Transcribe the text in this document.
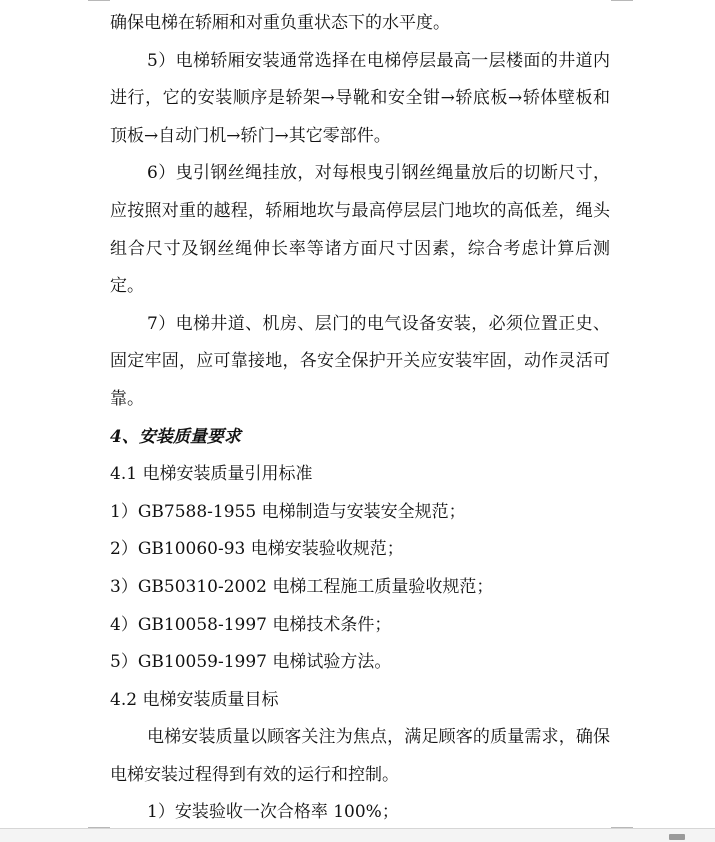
确保电梯在轿厢和对重负重状态下的水平度。

5）电梯轿厢安装通常选择在电梯停层最高一层楼面的井道内进行，它的安装顺序是轿架→导靴和安全钳→轿底板→轿体壁板和顶板→自动门机→轿门→其它零部件。

6）曳引钢丝绳挂放，对每根曳引钢丝绳量放后的切断尺寸，应按照对重的越程，轿厢地坎与最高停层层门地坎的高低差，绳头组合尺寸及钢丝绳伸长率等诸方面尺寸因素，综合考虑计算后测定。

7）电梯井道、机房、层门的电气设备安装，必须位置正史、固定牢固，应可靠接地，各安全保护开关应安装牢固，动作灵活可靠。

4、安装质量要求

4.1 电梯安装质量引用标准

1）GB7588-1955 电梯制造与安装安全规范；

2）GB10060-93 电梯安装验收规范；

3）GB50310-2002 电梯工程施工质量验收规范；

4）GB10058-1997 电梯技术条件；

5）GB10059-1997 电梯试验方法。

4.2 电梯安装质量目标

电梯安装质量以顾客关注为焦点，满足顾客的质量需求，确保电梯安装过程得到有效的运行和控制。

1）安装验收一次合格率 100%；
